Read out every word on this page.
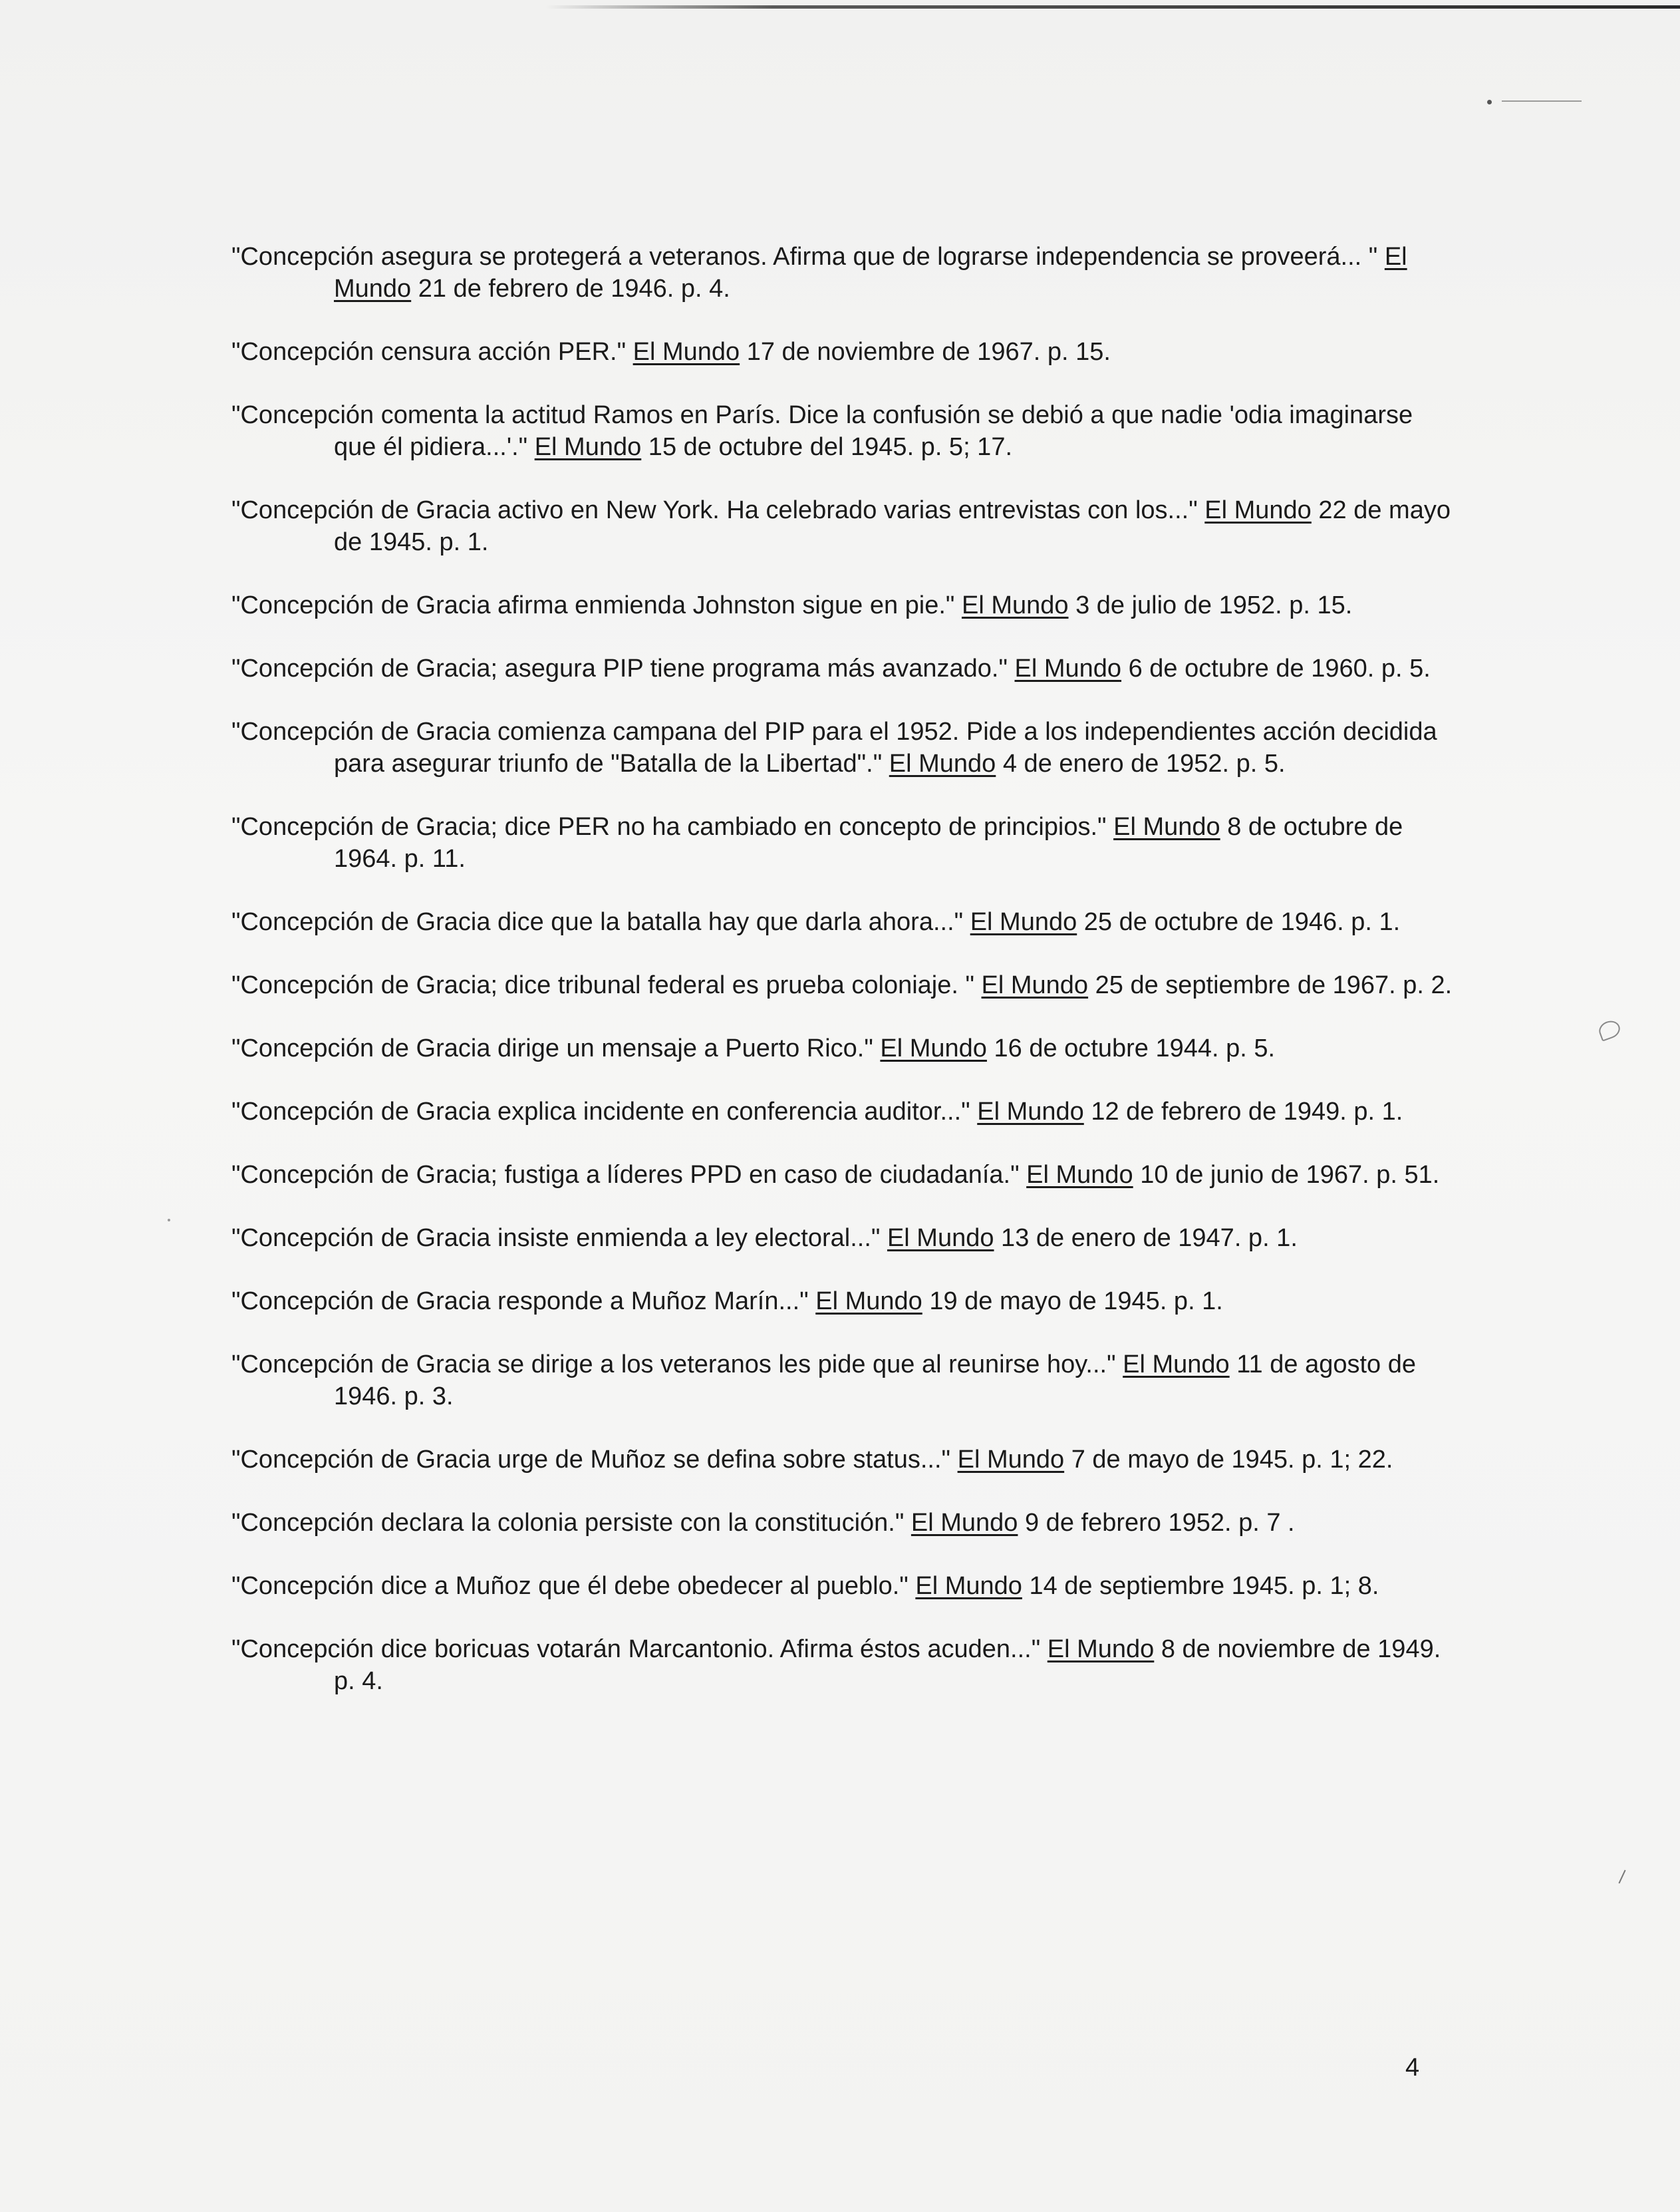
"Concepción asegura se protegerá a veteranos. Afirma que de lograrse independencia se proveerá... " El Mundo 21 de febrero de 1946. p. 4.
"Concepción censura acción PER." El Mundo 17 de noviembre de 1967. p. 15.
"Concepción comenta la actitud Ramos en París. Dice la confusión se debió a que nadie 'odia imaginarse que él pidiera...'." El Mundo 15 de octubre del 1945. p. 5; 17.
"Concepción de Gracia activo en New York. Ha celebrado varias entrevistas con los..." El Mundo 22 de mayo de 1945. p. 1.
"Concepción de Gracia afirma enmienda Johnston sigue en pie." El Mundo 3 de julio de 1952. p. 15.
"Concepción de Gracia; asegura PIP tiene programa más avanzado." El Mundo 6 de octubre de 1960. p. 5.
"Concepción de Gracia comienza campana del PIP para el 1952. Pide a los independientes acción decidida para asegurar triunfo de "Batalla de la Libertad"." El Mundo 4 de enero de 1952. p. 5.
"Concepción de Gracia; dice PER no ha cambiado en concepto de principios." El Mundo 8 de octubre de 1964. p. 11.
"Concepción de Gracia dice que la batalla hay que darla ahora..." El Mundo 25 de octubre de 1946. p. 1.
"Concepción de Gracia; dice tribunal federal es prueba coloniaje. " El Mundo 25 de septiembre de 1967. p. 2.
"Concepción de Gracia dirige un mensaje a Puerto Rico." El Mundo 16 de octubre 1944. p. 5.
"Concepción de Gracia explica incidente en conferencia auditor..." El Mundo 12 de febrero de 1949. p. 1.
"Concepción de Gracia; fustiga a líderes PPD en caso de ciudadanía." El Mundo 10 de junio de 1967. p. 51.
"Concepción de Gracia insiste enmienda a ley electoral..." El Mundo 13 de enero de 1947. p. 1.
"Concepción de Gracia responde a Muñoz Marín..." El Mundo 19 de mayo de 1945. p. 1.
"Concepción de Gracia se dirige a los veteranos les pide que al reunirse hoy..." El Mundo 11 de agosto de 1946. p. 3.
"Concepción de Gracia urge de Muñoz se defina sobre status..." El Mundo 7 de mayo de 1945. p. 1; 22.
"Concepción declara la colonia persiste con la constitución." El Mundo 9 de febrero 1952. p. 7 .
"Concepción dice a Muñoz que él debe obedecer al pueblo." El Mundo 14 de septiembre 1945. p. 1; 8.
"Concepción dice boricuas votarán Marcantonio. Afirma éstos acuden..." El Mundo 8 de noviembre de 1949. p. 4.
4
